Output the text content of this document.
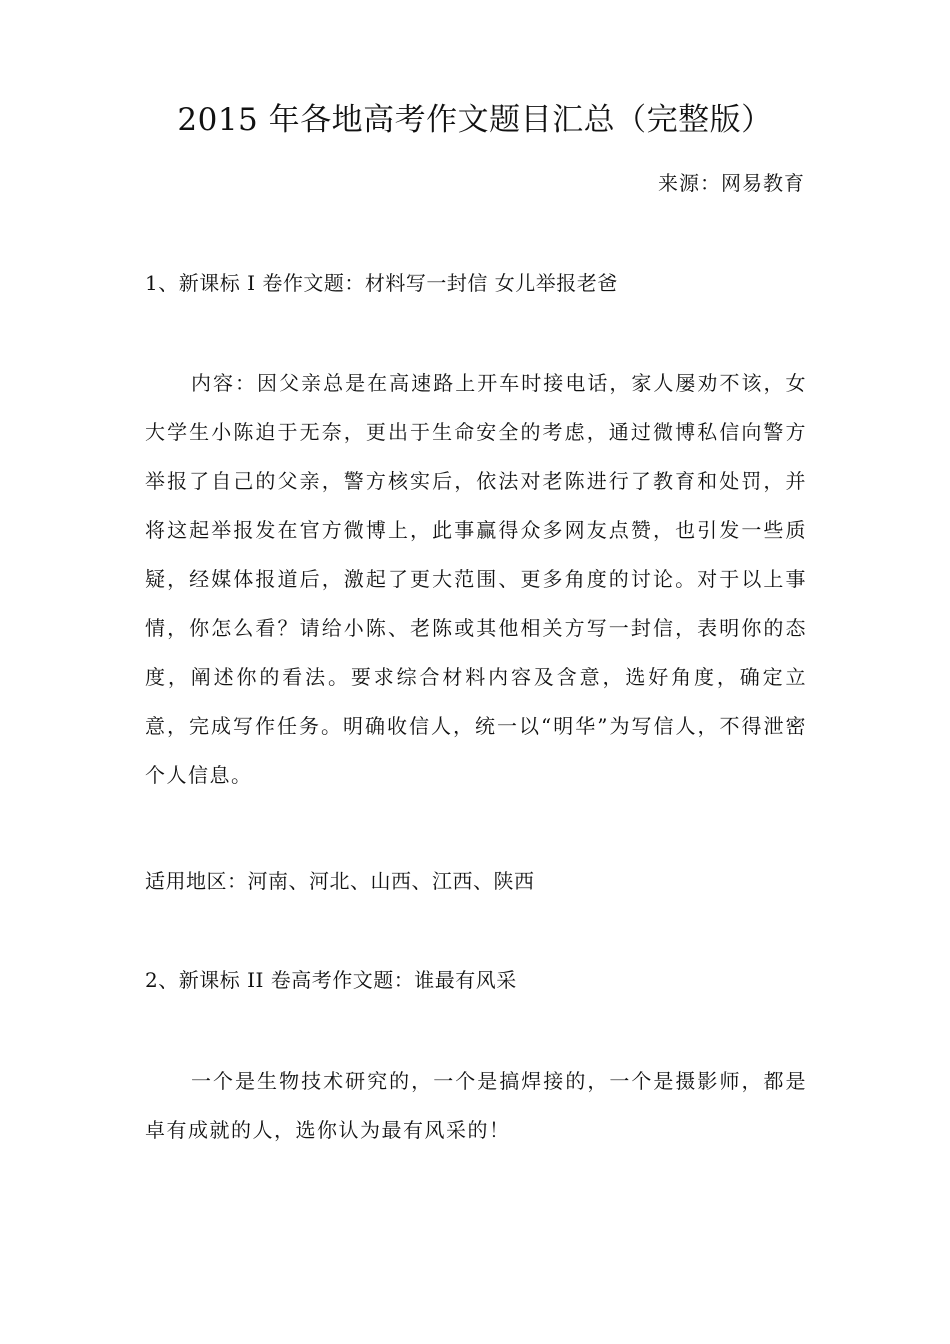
2015 年各地高考作文题目汇总（完整版）
来源：网易教育
1、新课标 I 卷作文题：材料写一封信 女儿举报老爸
内容：因父亲总是在高速路上开车时接电话，家人屡劝不该，女大学生小陈迫于无奈，更出于生命安全的考虑，通过微博私信向警方举报了自己的父亲，警方核实后，依法对老陈进行了教育和处罚，并将这起举报发在官方微博上，此事赢得众多网友点赞，也引发一些质疑，经媒体报道后，激起了更大范围、更多角度的讨论。对于以上事情，你怎么看？请给小陈、老陈或其他相关方写一封信，表明你的态度，阐述你的看法。要求综合材料内容及含意，选好角度，确定立意，完成写作任务。明确收信人，统一以“明华”为写信人，不得泄密个人信息。
适用地区：河南、河北、山西、江西、陕西
2、新课标 II 卷高考作文题：谁最有风采
一个是生物技术研究的，一个是搞焊接的，一个是摄影师，都是卓有成就的人，选你认为最有风采的！
